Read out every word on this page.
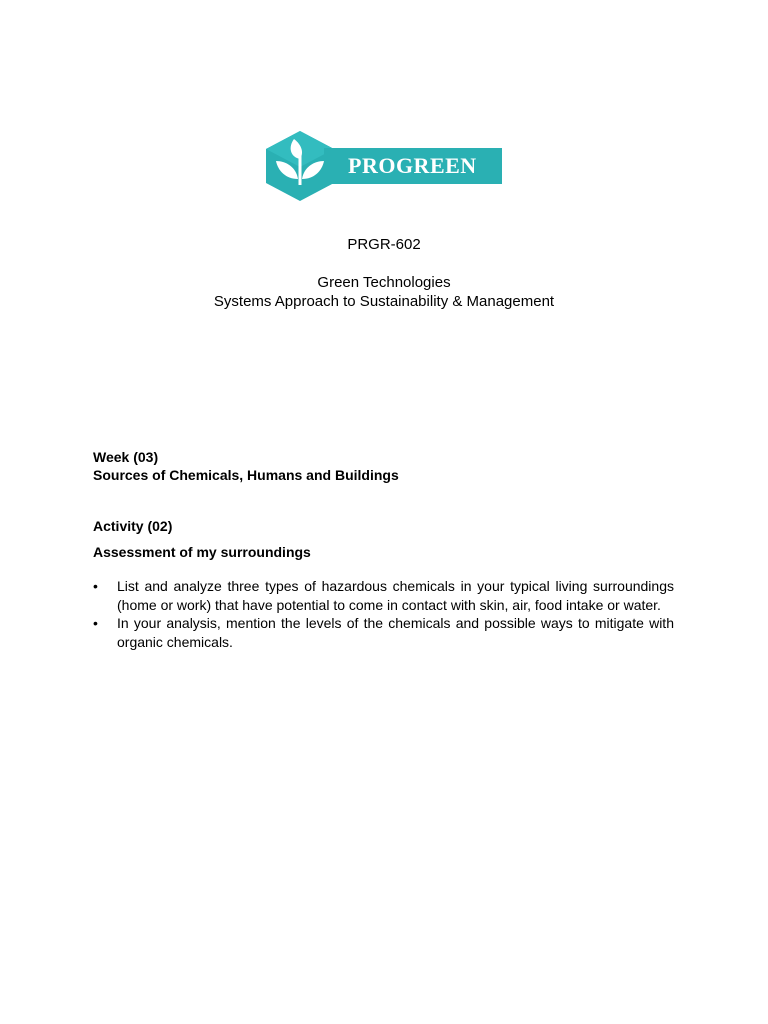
PROGREEN
PRGR-602
Green Technologies
Systems Approach to Sustainability & Management
Week (03)
Sources of Chemicals, Humans and Buildings
Activity (02)
Assessment of my surroundings
• List and analyze three types of hazardous chemicals in your typical living surroundings (home or work) that have potential to come in contact with skin, air, food intake or water.
• In your analysis, mention the levels of the chemicals and possible ways to mitigate with organic chemicals.
